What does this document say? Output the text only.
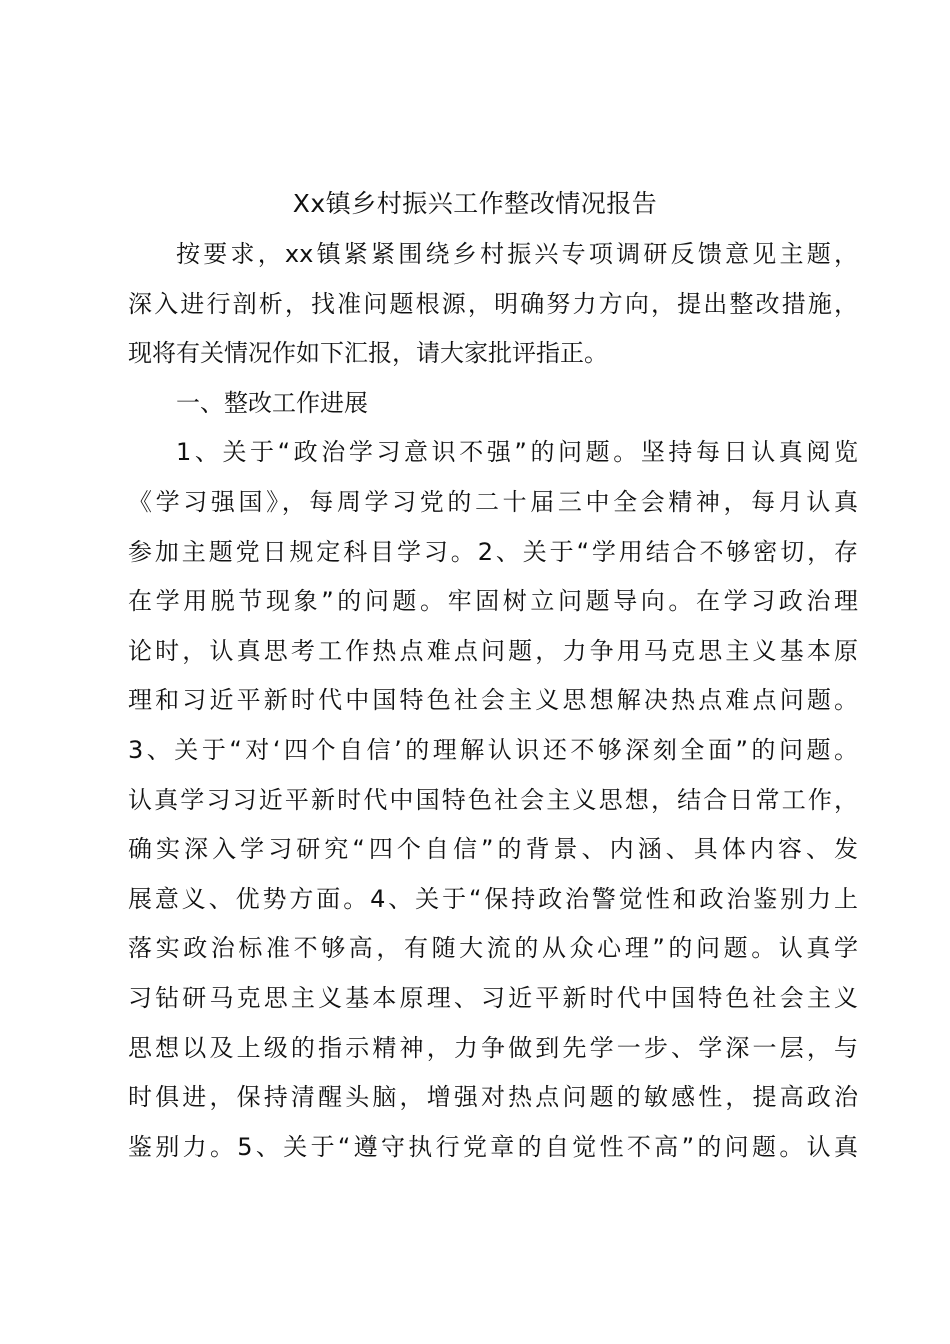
Xx镇乡村振兴工作整改情况报告
按要求，xx镇紧紧围绕乡村振兴专项调研反馈意见主题，
深入进行剖析，找准问题根源，明确努力方向，提出整改措施，
现将有关情况作如下汇报，请大家批评指正。
一、整改工作进展
1、关于“政治学习意识不强”的问题。坚持每日认真阅览
《学习强国》，每周学习党的二十届三中全会精神，每月认真
参加主题党日规定科目学习。2、关于“学用结合不够密切，存
在学用脱节现象”的问题。牢固树立问题导向。在学习政治理
论时，认真思考工作热点难点问题，力争用马克思主义基本原
理和习近平新时代中国特色社会主义思想解决热点难点问题。
3、关于“对‘四个自信’的理解认识还不够深刻全面”的问题。
认真学习习近平新时代中国特色社会主义思想，结合日常工作，
确实深入学习研究“四个自信”的背景、内涵、具体内容、发
展意义、优势方面。4、关于“保持政治警觉性和政治鉴别力上
落实政治标准不够高，有随大流的从众心理”的问题。认真学
习钻研马克思主义基本原理、习近平新时代中国特色社会主义
思想以及上级的指示精神，力争做到先学一步、学深一层，与
时俱进，保持清醒头脑，增强对热点问题的敏感性，提高政治
鉴别力。5、关于“遵守执行党章的自觉性不高”的问题。认真
